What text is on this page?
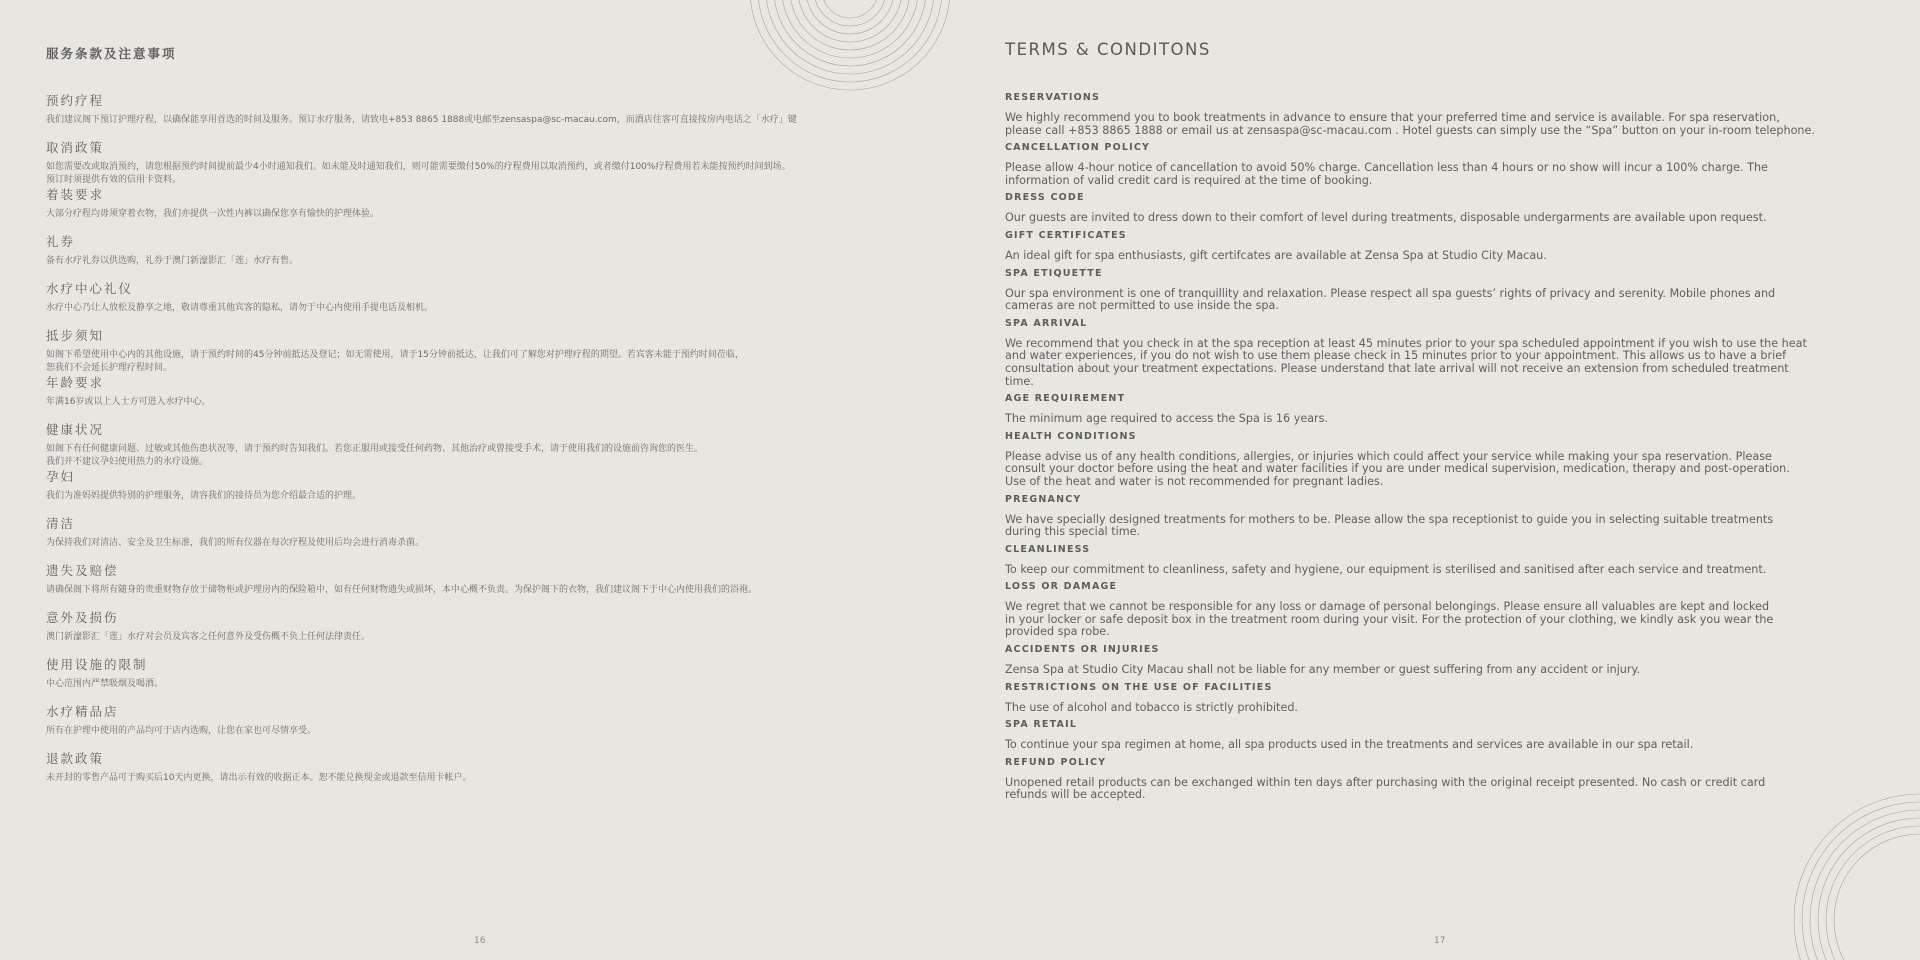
服务条款及注意事项
预约疗程

我们建议阁下预订护理疗程，以确保能享用首选的时间及服务。预订水疗服务，请致电+853 8865 1888或电邮至zensaspa@sc-macau.com，而酒店住客可直接按房内电话之「水疗」键

取消政策

如您需要改或取消预约，请您根据预约时间提前最少4小时通知我们。如未能及时通知我们，则可能需要缴付50%的疗程费用以取消预约，或者缴付100%疗程费用若未能按预约时间到场。
预订时须提供有效的信用卡资料。

着装要求

大部分疗程均毋须穿着衣物，我们亦提供一次性内裤以确保您享有愉快的护理体验。

礼券

备有水疗礼券以供选购，礼券于澳门新濠影汇「莲」水疗有售。

水疗中心礼仪

水疗中心乃让人放松及静享之地，敬请尊重其他宾客的隐私，请勿于中心内使用手提电话及相机。

抵步须知

如阁下希望使用中心内的其他设施，请于预约时间的45分钟前抵达及登记；如无需使用，请于15分钟前抵达，让我们可了解您对护理疗程的期望。若宾客未能于预约时间莅临，
恕我们不会延长护理疗程时间。

年龄要求

年满16岁或以上人士方可进入水疗中心。

健康状况

如阁下有任何健康问题、过敏或其他伤患状况等，请于预约时告知我们。若您正服用或接受任何药物、其他治疗或曾接受手术，请于使用我们的设施前咨询您的医生。
我们并不建议孕妇使用热力的水疗设施。

孕妇

我们为准妈妈提供特别的护理服务，请容我们的接待员为您介绍最合适的护理。

清洁

为保持我们对清洁、安全及卫生标准，我们的所有仪器在每次疗程及使用后均会进行消毒杀菌。

遗失及赔偿

请确保阁下将所有随身的贵重财物存放于储物柜或护理房内的保险箱中，如有任何财物遗失或损坏，本中心概不负责。为保护阁下的衣物，我们建议阁下于中心内使用我们的浴袍。

意外及损伤

澳门新濠影汇「莲」水疗对会员及宾客之任何意外及受伤概不负上任何法律责任。

使用设施的限制

中心范围内严禁吸烟及喝酒。

水疗精品店

所有在护理中使用的产品均可于店内选购，让您在家也可尽情享受。

退款政策

未开封的零售产品可于购买后10天内更换，请出示有效的收据正本。恕不能兑换现金或退款至信用卡帐户。

16
TERMS & CONDITONS
RESERVATIONS

We highly recommend you to book treatments in advance to ensure that your preferred time and service is available. For spa reservation,
please call +853 8865 1888 or email us at zensaspa@sc-macau.com . Hotel guests can simply use the “Spa” button on your in-room telephone.

CANCELLATION POLICY

Please allow 4-hour notice of cancellation to avoid 50% charge. Cancellation less than 4 hours or no show will incur a 100% charge. The
information of valid credit card is required at the time of booking.

DRESS CODE

Our guests are invited to dress down to their comfort of level during treatments, disposable undergarments are available upon request.

GIFT CERTIFICATES

An ideal gift for spa enthusiasts, gift certifcates are available at Zensa Spa at Studio City Macau.

SPA ETIQUETTE

Our spa environment is one of tranquillity and relaxation. Please respect all spa guests’ rights of privacy and serenity. Mobile phones and
cameras are not permitted to use inside the spa.

SPA ARRIVAL

We recommend that you check in at the spa reception at least 45 minutes prior to your spa scheduled appointment if you wish to use the heat
and water experiences, if you do not wish to use them please check in 15 minutes prior to your appointment. This allows us to have a brief
consultation about your treatment expectations. Please understand that late arrival will not receive an extension from scheduled treatment
time.

AGE REQUIREMENT

The minimum age required to access the Spa is 16 years.

HEALTH CONDITIONS

Please advise us of any health conditions, allergies, or injuries which could affect your service while making your spa reservation. Please
consult your doctor before using the heat and water facilities if you are under medical supervision, medication, therapy and post-operation.
Use of the heat and water is not recommended for pregnant ladies.

PREGNANCY

We have specially designed treatments for mothers to be. Please allow the spa receptionist to guide you in selecting suitable treatments
during this special time.

CLEANLINESS

To keep our commitment to cleanliness, safety and hygiene, our equipment is sterilised and sanitised after each service and treatment.

LOSS OR DAMAGE

We regret that we cannot be responsible for any loss or damage of personal belongings. Please ensure all valuables are kept and locked
in your locker or safe deposit box in the treatment room during your visit. For the protection of your clothing, we kindly ask you wear the
provided spa robe.

ACCIDENTS OR INJURIES

Zensa Spa at Studio City Macau shall not be liable for any member or guest suffering from any accident or injury.

RESTRICTIONS ON THE USE OF FACILITIES

The use of alcohol and tobacco is strictly prohibited.

SPA RETAIL

To continue your spa regimen at home, all spa products used in the treatments and services are available in our spa retail.

REFUND POLICY

Unopened retail products can be exchanged within ten days after purchasing with the original receipt presented. No cash or credit card
refunds will be accepted.

17
